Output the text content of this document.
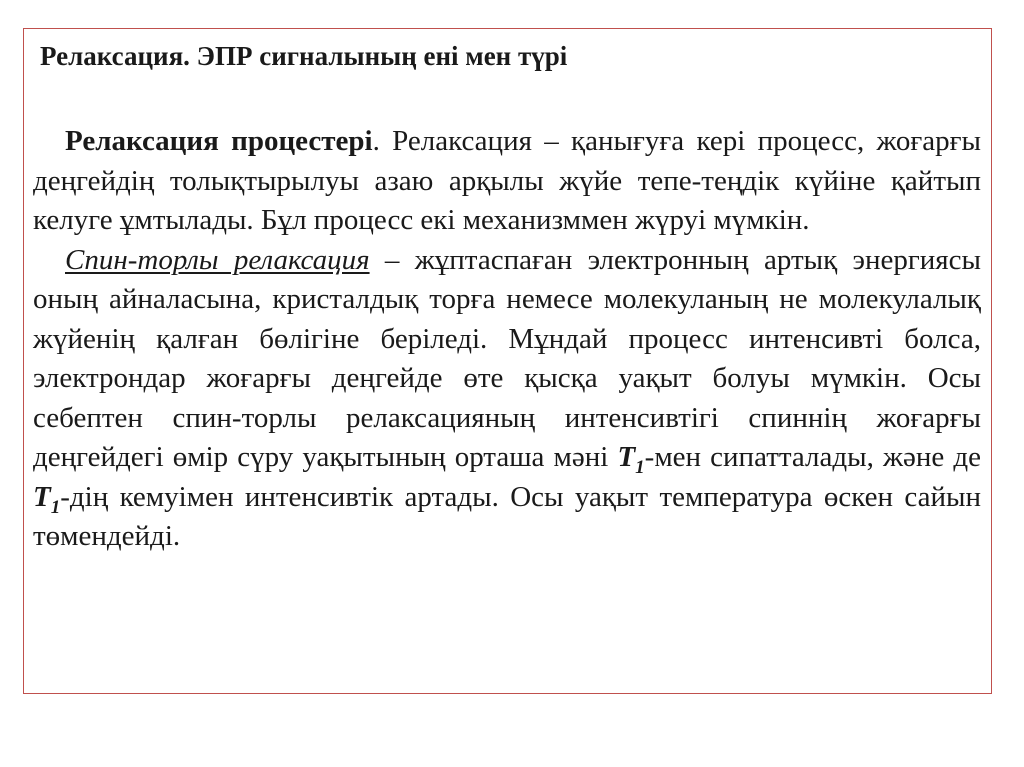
Релаксация. ЭПР сигналының ені мен түрі

Релаксация процестері. Релаксация – қанығуға кері процесс, жоғарғы деңгейдің толықтырылуы азаю арқылы жүйе тепе-теңдік күйіне қайтып келуге ұмтылады. Бұл процесс екі механизммен жүруі мүмкін.

Спин-торлы релаксация – жұптаспаған электронның артық энергиясы оның айналасына, кристалдық торға немесе молекуланың не молекулалық жүйенің қалған бөлігіне беріледі. Мұндай процесс интенсивті болса, электрондар жоғарғы деңгейде өте қысқа уақыт болуы мүмкін. Осы себептен спин-торлы релаксацияның интенсивтігі спиннің жоғарғы деңгейдегі өмір сүру уақытының орташа мәні $T_1$-мен сипатталады, және де $T_1$-дің кемуімен интенсивтік артады. Осы уақыт температура өскен сайын төмендейді.
